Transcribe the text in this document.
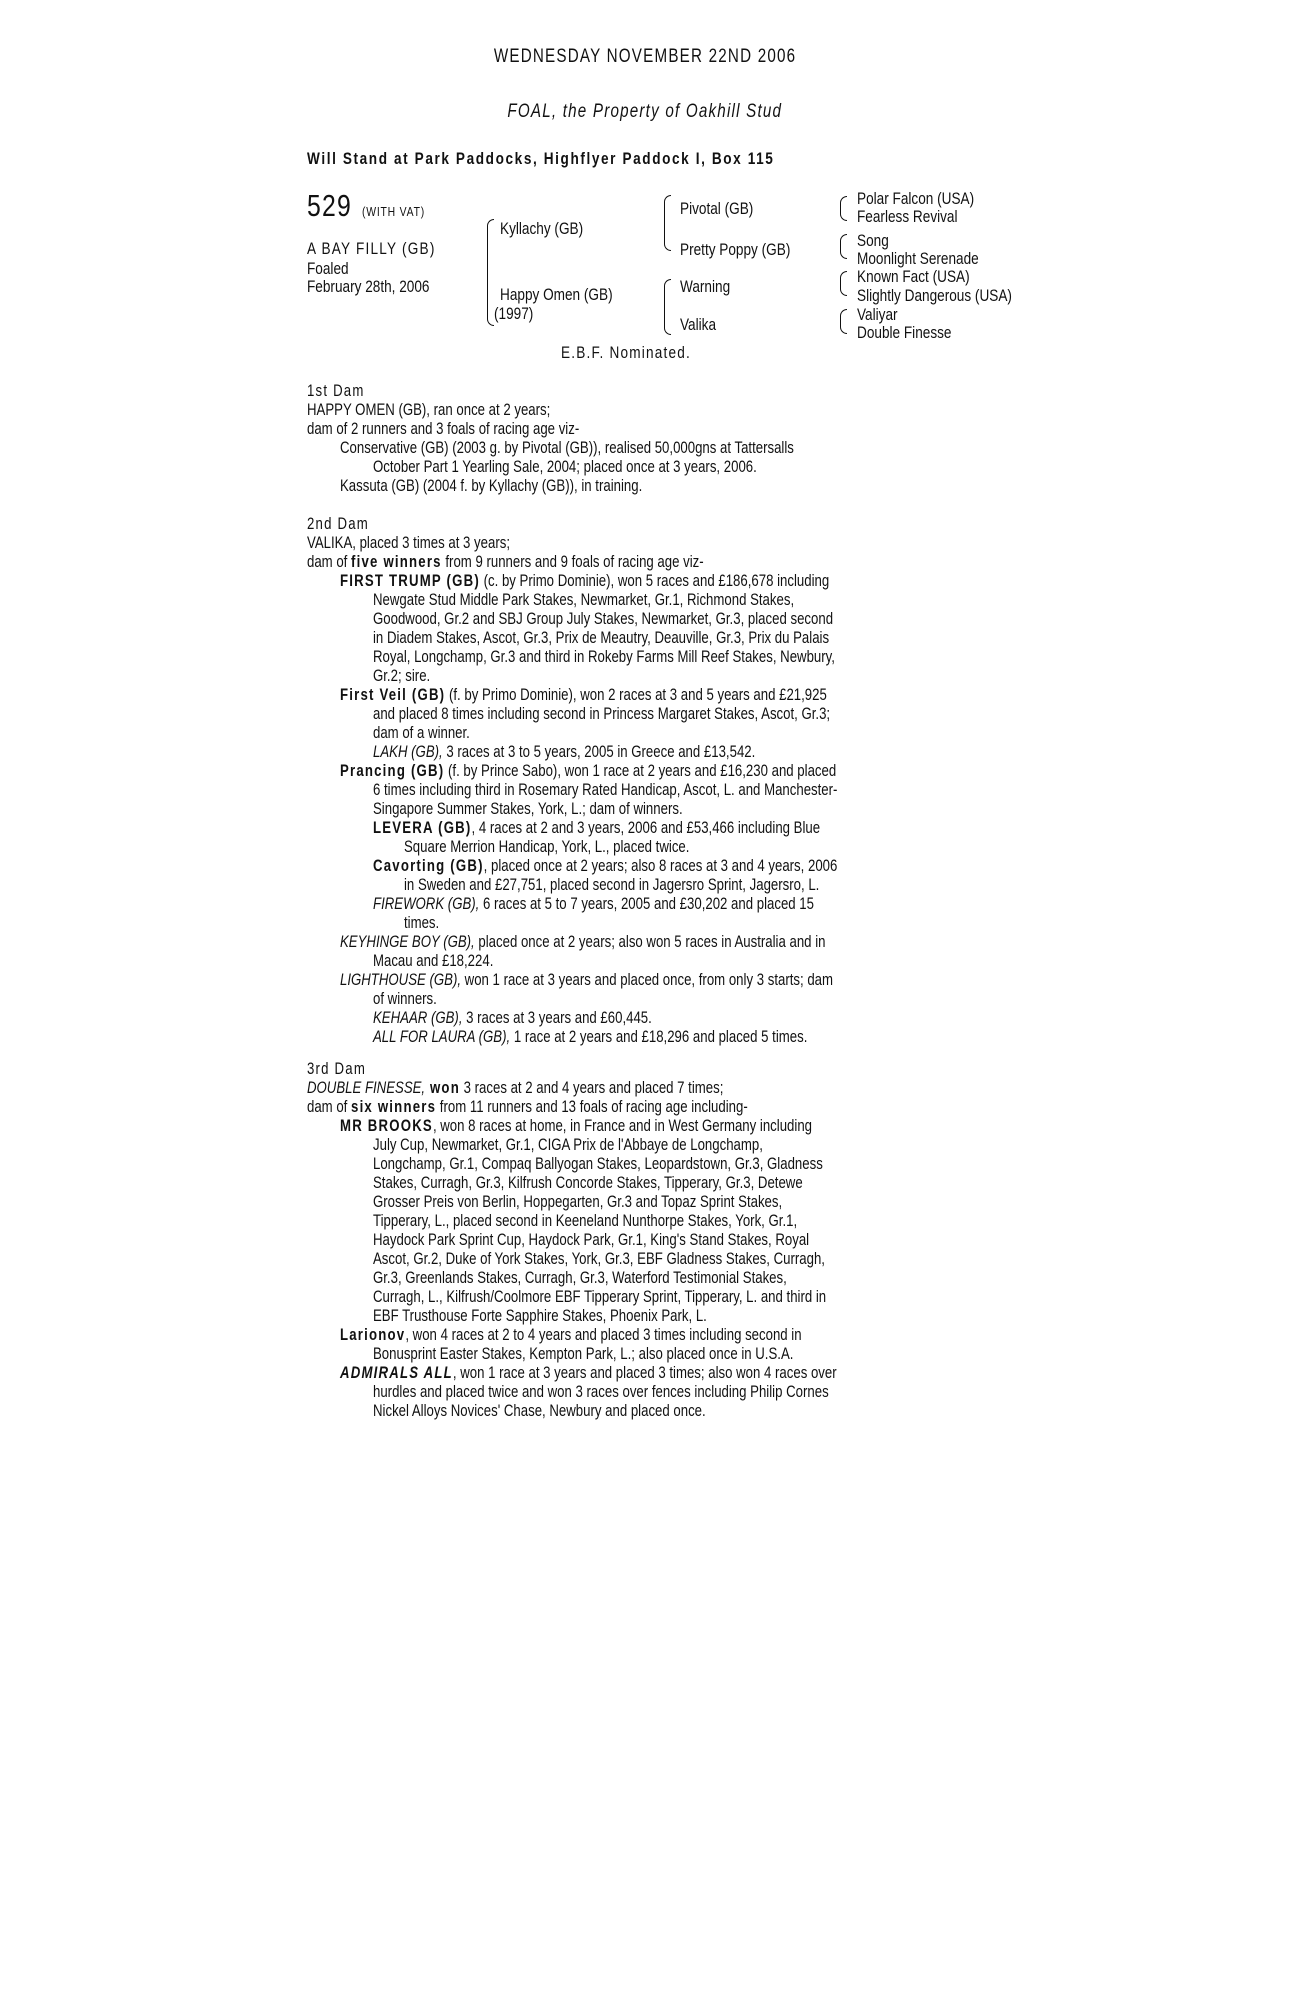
WEDNESDAY NOVEMBER 22ND 2006
FOAL, the Property of Oakhill Stud
Will Stand at Park Paddocks, Highflyer Paddock I, Box 115
529 (WITH VAT)
A BAY FILLY (GB)
Foaled
February 28th, 2006
Kyllachy (GB)
Happy Omen (GB)
(1997)
Pivotal (GB)
Pretty Poppy (GB)
Warning
Valika
Polar Falcon (USA)
Fearless Revival
Song
Moonlight Serenade
Known Fact (USA)
Slightly Dangerous (USA)
Valiyar
Double Finesse
E.B.F. Nominated.
1st Dam
HAPPY OMEN (GB), ran once at 2 years;
dam of 2 runners and 3 foals of racing age viz-
Conservative (GB) (2003 g. by Pivotal (GB)), realised 50,000gns at Tattersalls
October Part 1 Yearling Sale, 2004; placed once at 3 years, 2006.
Kassuta (GB) (2004 f. by Kyllachy (GB)), in training.
2nd Dam
VALIKA, placed 3 times at 3 years;
dam of five winners from 9 runners and 9 foals of racing age viz-
FIRST TRUMP (GB) (c. by Primo Dominie), won 5 races and £186,678 including
Newgate Stud Middle Park Stakes, Newmarket, Gr.1, Richmond Stakes,
Goodwood, Gr.2 and SBJ Group July Stakes, Newmarket, Gr.3, placed second
in Diadem Stakes, Ascot, Gr.3, Prix de Meautry, Deauville, Gr.3, Prix du Palais
Royal, Longchamp, Gr.3 and third in Rokeby Farms Mill Reef Stakes, Newbury,
Gr.2; sire.
First Veil (GB) (f. by Primo Dominie), won 2 races at 3 and 5 years and £21,925
and placed 8 times including second in Princess Margaret Stakes, Ascot, Gr.3;
dam of a winner.
LAKH (GB), 3 races at 3 to 5 years, 2005 in Greece and £13,542.
Prancing (GB) (f. by Prince Sabo), won 1 race at 2 years and £16,230 and placed
6 times including third in Rosemary Rated Handicap, Ascot, L. and Manchester-
Singapore Summer Stakes, York, L.; dam of winners.
LEVERA (GB), 4 races at 2 and 3 years, 2006 and £53,466 including Blue
Square Merrion Handicap, York, L., placed twice.
Cavorting (GB), placed once at 2 years; also 8 races at 3 and 4 years, 2006
in Sweden and £27,751, placed second in Jagersro Sprint, Jagersro, L.
FIREWORK (GB), 6 races at 5 to 7 years, 2005 and £30,202 and placed 15
times.
KEYHINGE BOY (GB), placed once at 2 years; also won 5 races in Australia and in
Macau and £18,224.
LIGHTHOUSE (GB), won 1 race at 3 years and placed once, from only 3 starts; dam
of winners.
KEHAAR (GB), 3 races at 3 years and £60,445.
ALL FOR LAURA (GB), 1 race at 2 years and £18,296 and placed 5 times.
3rd Dam
DOUBLE FINESSE, won 3 races at 2 and 4 years and placed 7 times;
dam of six winners from 11 runners and 13 foals of racing age including-
MR BROOKS, won 8 races at home, in France and in West Germany including
July Cup, Newmarket, Gr.1, CIGA Prix de l'Abbaye de Longchamp,
Longchamp, Gr.1, Compaq Ballyogan Stakes, Leopardstown, Gr.3, Gladness
Stakes, Curragh, Gr.3, Kilfrush Concorde Stakes, Tipperary, Gr.3, Detewe
Grosser Preis von Berlin, Hoppegarten, Gr.3 and Topaz Sprint Stakes,
Tipperary, L., placed second in Keeneland Nunthorpe Stakes, York, Gr.1,
Haydock Park Sprint Cup, Haydock Park, Gr.1, King's Stand Stakes, Royal
Ascot, Gr.2, Duke of York Stakes, York, Gr.3, EBF Gladness Stakes, Curragh,
Gr.3, Greenlands Stakes, Curragh, Gr.3, Waterford Testimonial Stakes,
Curragh, L., Kilfrush/Coolmore EBF Tipperary Sprint, Tipperary, L. and third in
EBF Trusthouse Forte Sapphire Stakes, Phoenix Park, L.
Larionov, won 4 races at 2 to 4 years and placed 3 times including second in
Bonusprint Easter Stakes, Kempton Park, L.; also placed once in U.S.A.
ADMIRALS ALL, won 1 race at 3 years and placed 3 times; also won 4 races over
hurdles and placed twice and won 3 races over fences including Philip Cornes
Nickel Alloys Novices' Chase, Newbury and placed once.
